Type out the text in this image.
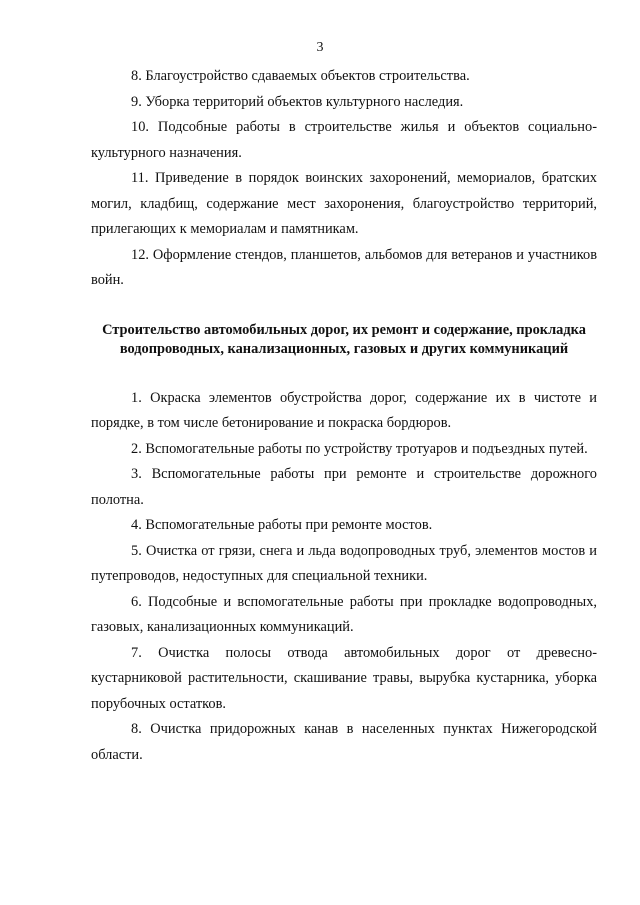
3

8. Благоустройство сдаваемых объектов строительства.

9. Уборка территорий объектов культурного наследия.

10. Подсобные работы в строительстве жилья и объектов социально-культурного назначения.

11. Приведение в порядок воинских захоронений, мемориалов, братских могил, кладбищ, содержание мест захоронения, благоустройство территорий, прилегающих к мемориалам и памятникам.

12. Оформление стендов, планшетов, альбомов для ветеранов и участников войн.

Строительство автомобильных дорог, их ремонт и содержание, прокладка водопроводных, канализационных, газовых и других коммуникаций

1. Окраска элементов обустройства дорог, содержание их в чистоте и порядке, в том числе бетонирование и покраска бордюров.

2. Вспомогательные работы по устройству тротуаров и подъездных путей.

3. Вспомогательные работы при ремонте и строительстве дорожного полотна.

4. Вспомогательные работы при ремонте мостов.

5. Очистка от грязи, снега и льда водопроводных труб, элементов мостов и путепроводов, недоступных для специальной техники.

6. Подсобные и вспомогательные работы при прокладке водопроводных, газовых, канализационных коммуникаций.

7. Очистка полосы отвода автомобильных дорог от древесно-кустарниковой растительности, скашивание травы, вырубка кустарника, уборка порубочных остатков.

8. Очистка придорожных канав в населенных пунктах Нижегородской области.
